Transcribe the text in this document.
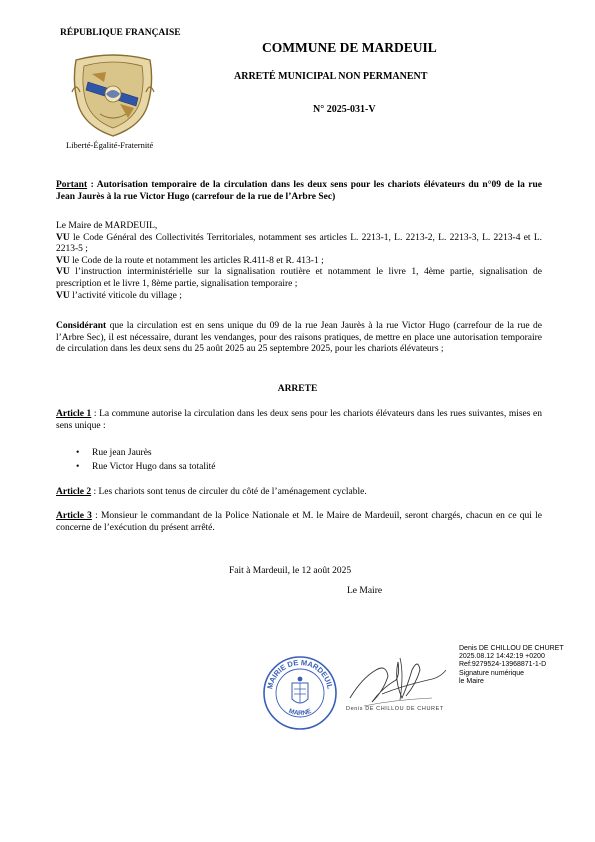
RÉPUBLIQUE FRANÇAISE
Liberté-Égalité-Fraternité
COMMUNE DE MARDEUIL
ARRETÉ MUNICIPAL NON PERMANENT
N° 2025-031-V
Portant : Autorisation temporaire de la circulation dans les deux sens pour les chariots élévateurs du n°09 de la rue Jean Jaurès à la rue Victor Hugo (carrefour de la rue de l’Arbre Sec)
Le Maire de MARDEUIL,
VU le Code Général des Collectivités Territoriales, notamment ses articles L. 2213-1, L. 2213-2, L. 2213-3, L. 2213-4 et L. 2213-5 ;
VU le Code de la route et notamment les articles R.411-8 et R. 413-1 ;
VU l’instruction interministérielle sur la signalisation routière et notamment le livre 1, 4ème partie, signalisation de prescription et le livre 1, 8ème partie, signalisation temporaire ;
VU l’activité viticole du village ;
Considérant que la circulation est en sens unique du 09 de la rue Jean Jaurès à la rue Victor Hugo (carrefour de la rue de l’Arbre Sec), il est nécessaire, durant les vendanges, pour des raisons pratiques, de mettre en place une autorisation temporaire de circulation dans les deux sens du 25 août 2025 au 25 septembre 2025, pour les chariots élévateurs ;
ARRETE
Article 1 : La commune autorise la circulation dans les deux sens pour les chariots élévateurs dans les rues suivantes, mises en sens unique :
• Rue jean Jaurès
• Rue Victor Hugo dans sa totalité
Article 2 : Les chariots sont tenus de circuler du côté de l’aménagement cyclable.
Article 3 : Monsieur le commandant de la Police Nationale et M. le Maire de Mardeuil, seront chargés, chacun en ce qui le concerne de l’exécution du présent arrêté.
Fait à Mardeuil, le 12 août 2025
Le Maire
MAIRIE DE MARDEUIL
MARNE	Denis DE CHILLOU DE CHURET
Denis DE CHILLOU DE CHURET
2025.08.12 14:42:19 +0200
Ref:9279524-13968871-1-D
Signature numérique
le Maire
